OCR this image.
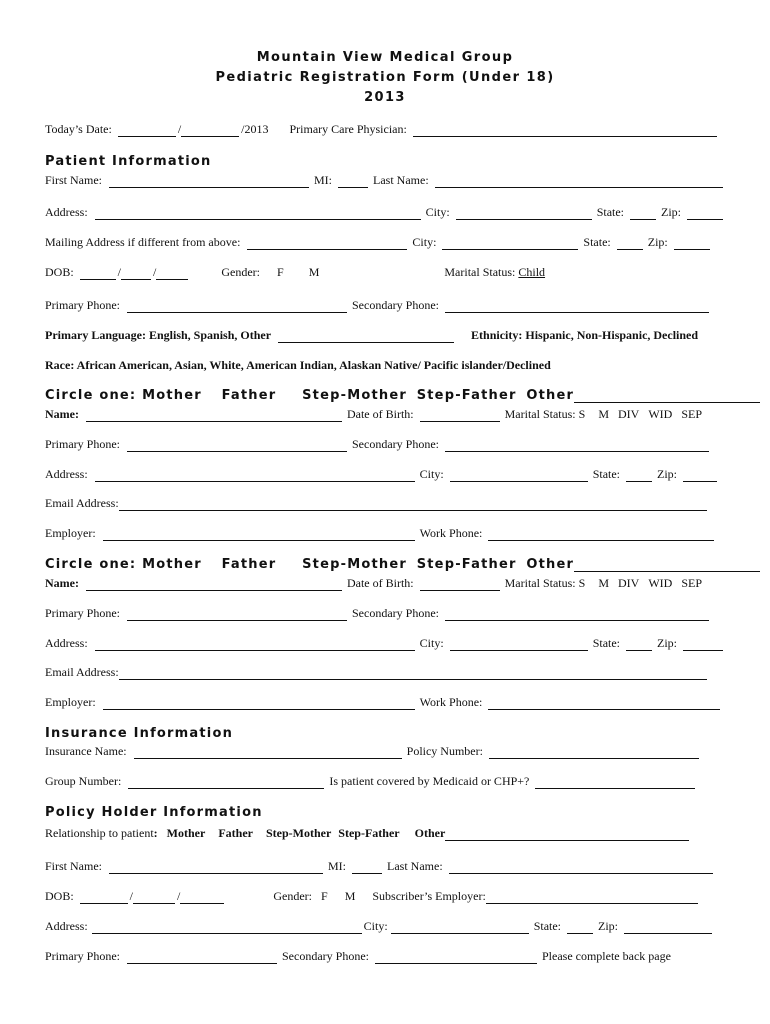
Mountain View Medical Group
Pediatric Registration Form (Under 18)
2013
Today’s Date:	/	/2013 Primary Care Physician:
Patient Information
First Name:	MI:	Last Name:
Address:	City:	State:	Zip:
Mailing Address if different from above:	City:	State:	Zip:
DOB:	/	/	Gender: F M	Marital Status: Child
Primary Phone:	Secondary Phone:
Primary Language: English, Spanish, Other	Ethnicity: Hispanic, Non-Hispanic, Declined
Race: African American, Asian, White, American Indian, Alaskan Native/ Pacific islander/Declined
Circle one: Mother Father Step-Mother Step-Father Other
Name:	Date of Birth:	Marital Status: S M DIV WID SEP
Primary Phone:	Secondary Phone:
Address:	City:	State:	Zip:
Email Address:
Employer:	Work Phone:
Circle one: Mother Father Step-Mother Step-Father Other
Name:	Date of Birth:	Marital Status: S M DIV WID SEP
Primary Phone:	Secondary Phone:
Address:	City:	State:	Zip:
Email Address:
Employer:	Work Phone:
Insurance Information
Insurance Name:	Policy Number:
Group Number:	Is patient covered by Medicaid or CHP+?
Policy Holder Information
Relationship to patient: Mother Father Step-Mother Step-Father Other
First Name:	MI:	Last Name:
DOB:	/	/	Gender: F M Subscriber’s Employer:
Address:	City:	State:	Zip:
Primary Phone:	Secondary Phone:	Please complete back page
